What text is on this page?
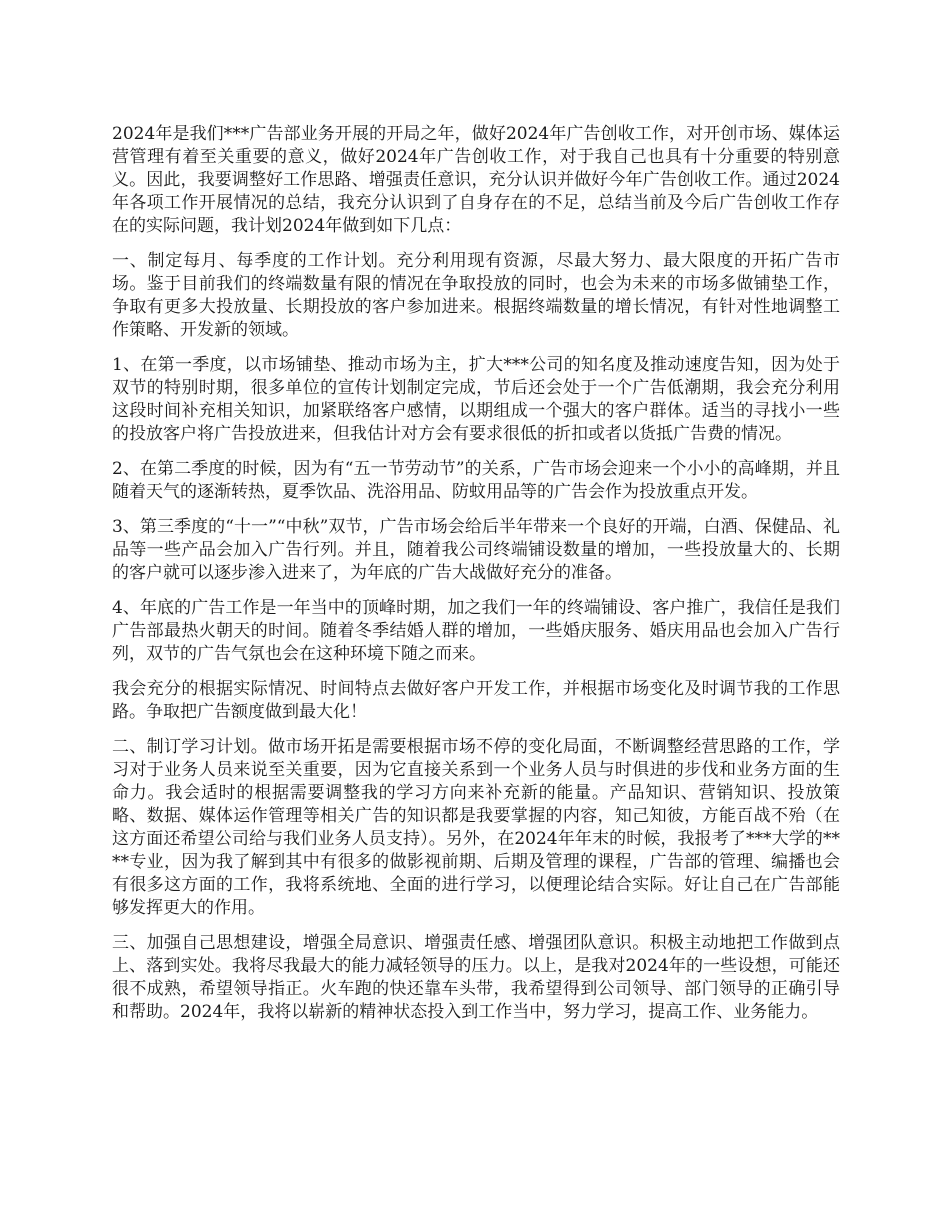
2024年是我们***广告部业务开展的开局之年，做好2024年广告创收工作，对开创市场、媒体运营管理有着至关重要的意义，做好2024年广告创收工作，对于我自己也具有十分重要的特别意义。因此，我要调整好工作思路、增强责任意识，充分认识并做好今年广告创收工作。通过2024年各项工作开展情况的总结，我充分认识到了自身存在的不足，总结当前及今后广告创收工作存在的实际问题，我计划2024年做到如下几点：

一、制定每月、每季度的工作计划。充分利用现有资源，尽最大努力、最大限度的开拓广告市场。鉴于目前我们的终端数量有限的情况在争取投放的同时，也会为未来的市场多做铺垫工作，争取有更多大投放量、长期投放的客户参加进来。根据终端数量的增长情况，有针对性地调整工作策略、开发新的领域。

1、在第一季度，以市场铺垫、推动市场为主，扩大***公司的知名度及推动速度告知，因为处于双节的特别时期，很多单位的宣传计划制定完成，节后还会处于一个广告低潮期，我会充分利用这段时间补充相关知识，加紧联络客户感情，以期组成一个强大的客户群体。适当的寻找小一些的投放客户将广告投放进来，但我估计对方会有要求很低的折扣或者以货抵广告费的情况。

2、在第二季度的时候，因为有“五一节劳动节”的关系，广告市场会迎来一个小小的高峰期，并且随着天气的逐渐转热，夏季饮品、洗浴用品、防蚊用品等的广告会作为投放重点开发。

3、第三季度的“十一”“中秋”双节，广告市场会给后半年带来一个良好的开端，白酒、保健品、礼品等一些产品会加入广告行列。并且，随着我公司终端铺设数量的增加，一些投放量大的、长期的客户就可以逐步渗入进来了，为年底的广告大战做好充分的准备。

4、年底的广告工作是一年当中的顶峰时期，加之我们一年的终端铺设、客户推广，我信任是我们广告部最热火朝天的时间。随着冬季结婚人群的增加，一些婚庆服务、婚庆用品也会加入广告行列，双节的广告气氛也会在这种环境下随之而来。

我会充分的根据实际情况、时间特点去做好客户开发工作，并根据市场变化及时调节我的工作思路。争取把广告额度做到最大化！

二、制订学习计划。做市场开拓是需要根据市场不停的变化局面，不断调整经营思路的工作，学习对于业务人员来说至关重要，因为它直接关系到一个业务人员与时俱进的步伐和业务方面的生命力。我会适时的根据需要调整我的学习方向来补充新的能量。产品知识、营销知识、投放策略、数据、媒体运作管理等相关广告的知识都是我要掌握的内容，知己知彼，方能百战不殆（在这方面还希望公司给与我们业务人员支持）。另外，在2024年年末的时候，我报考了***大学的****专业，因为我了解到其中有很多的做影视前期、后期及管理的课程，广告部的管理、编播也会有很多这方面的工作，我将系统地、全面的进行学习，以便理论结合实际。好让自己在广告部能够发挥更大的作用。

三、加强自己思想建设，增强全局意识、增强责任感、增强团队意识。积极主动地把工作做到点上、落到实处。我将尽我最大的能力减轻领导的压力。以上，是我对2024年的一些设想，可能还很不成熟，希望领导指正。火车跑的快还靠车头带，我希望得到公司领导、部门领导的正确引导和帮助。2024年，我将以崭新的精神状态投入到工作当中，努力学习，提高工作、业务能力。
